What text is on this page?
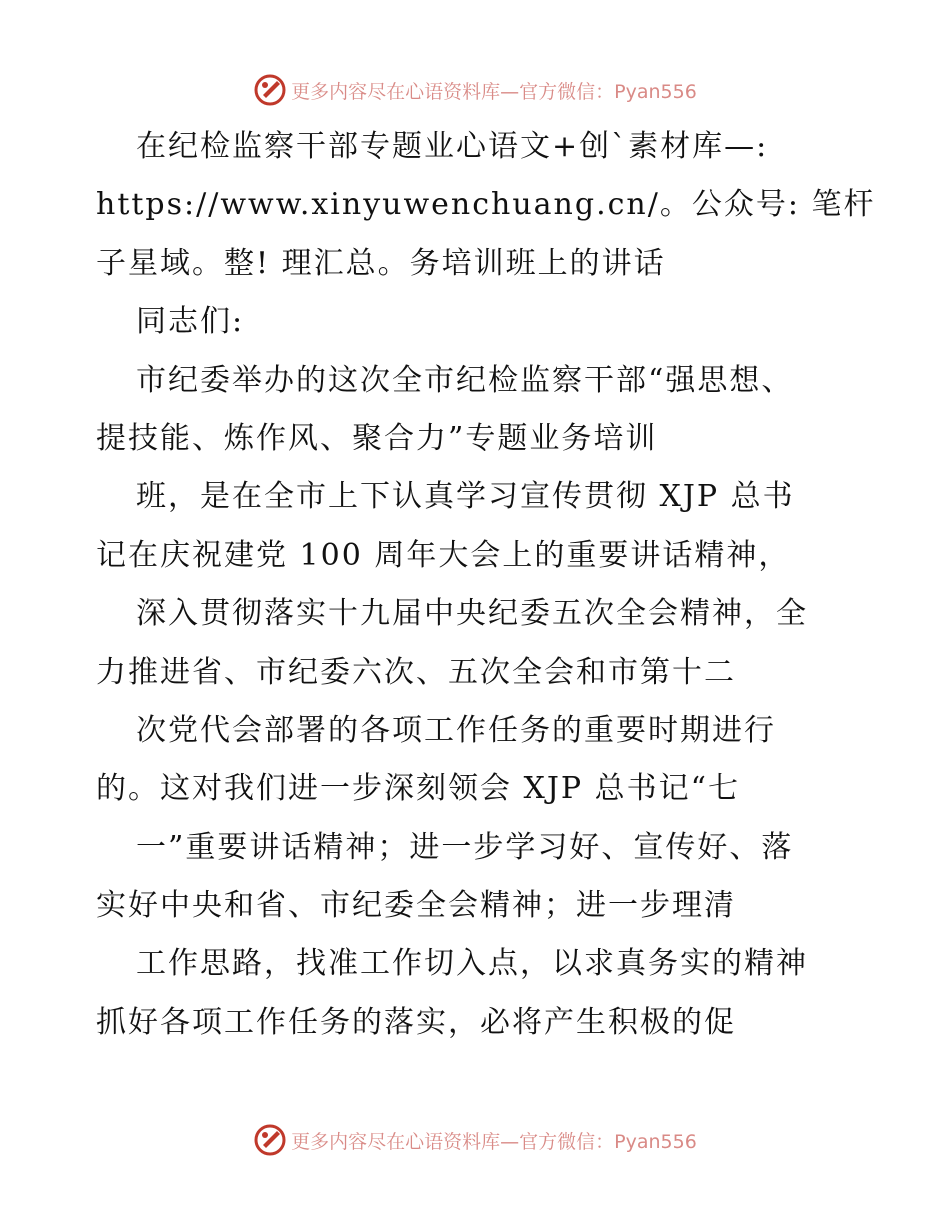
更多内容尽在心语资料库—官方微信：Pyan556
在纪检监察干部专题业心语文+创`素材库—:
https://www.xinyuwenchuang.cn/。公众号: 笔杆
子星域。整! 理汇总。务培训班上的讲话
同志们:
市纪委举办的这次全市纪检监察干部“强思想、
提技能、炼作风、聚合力”专题业务培训
班，是在全市上下认真学习宣传贯彻 XJP 总书
记在庆祝建党 100 周年大会上的重要讲话精神，
深入贯彻落实十九届中央纪委五次全会精神，全
力推进省、市纪委六次、五次全会和市第十二
次党代会部署的各项工作任务的重要时期进行
的。这对我们进一步深刻领会 XJP 总书记“七
一”重要讲话精神；进一步学习好、宣传好、落
实好中央和省、市纪委全会精神；进一步理清
工作思路，找准工作切入点，以求真务实的精神
抓好各项工作任务的落实，必将产生积极的促
更多内容尽在心语资料库—官方微信：Pyan556
